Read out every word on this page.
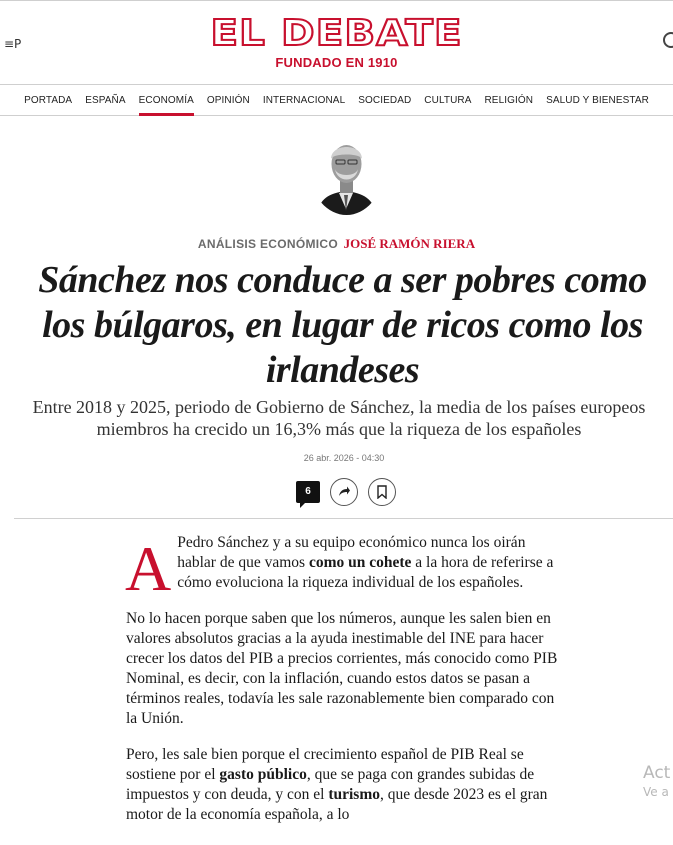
≡P	EL DEBATE
FUNDADO EN 1910
PORTADA ESPAÑA ECONOMÍA OPINIÓN INTERNACIONAL SOCIEDAD CULTURA RELIGIÓN SALUD Y BIENESTAR
ANÁLISIS ECONÓMICO JOSÉ RAMÓN RIERA
Sánchez nos conduce a ser pobres como los búlgaros, en lugar de ricos como los irlandeses

Entre 2018 y 2025, periodo de Gobierno de Sánchez, la media de los países europeos miembros ha crecido un 16,3% más que la riqueza de los españoles

26 abr. 2026 - 04:30
6
A Pedro Sánchez y a su equipo económico nunca los oirán hablar de que vamos como un cohete a la hora de referirse a cómo evoluciona la riqueza individual de los españoles.

No lo hacen porque saben que los números, aunque les salen bien en valores absolutos gracias a la ayuda inestimable del INE para hacer crecer los datos del PIB a precios corrientes, más conocido como PIB Nominal, es decir, con la inflación, cuando estos datos se pasan a términos reales, todavía les sale razonablemente bien comparado con la Unión.

Pero, les sale bien porque el crecimiento español de PIB Real se sostiene por el gasto público, que se paga con grandes subidas de impuestos y con deuda, y con el turismo, que desde 2023 es el gran motor de la economía española, a lo

Act
Ve a
